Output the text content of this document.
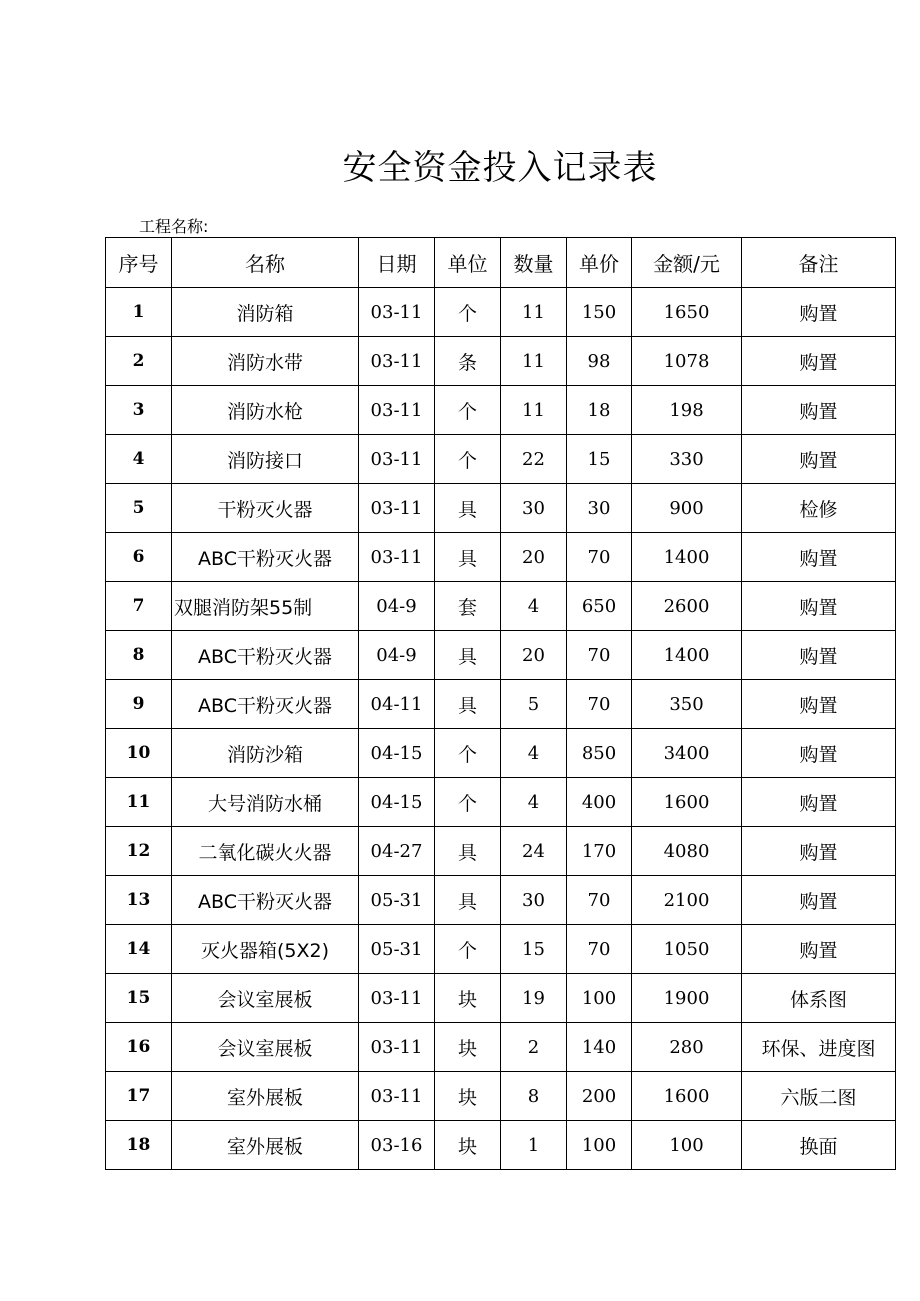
安全资金投入记录表
工程名称:
序号	名称	日期	单位	数量	单价	金额/元	备注
1	消防箱	03-11	个	11	150	1650	购置
2	消防水带	03-11	条	11	98	1078	购置
3	消防水枪	03-11	个	11	18	198	购置
4	消防接口	03-11	个	22	15	330	购置
5	干粉灭火器	03-11	具	30	30	900	检修
6	ABC干粉灭火器	03-11	具	20	70	1400	购置
7	双腿消防架55制	04-9	套	4	650	2600	购置
8	ABC干粉灭火器	04-9	具	20	70	1400	购置
9	ABC干粉灭火器	04-11	具	5	70	350	购置
10	消防沙箱	04-15	个	4	850	3400	购置
11	大号消防水桶	04-15	个	4	400	1600	购置
12	二氧化碳火火器	04-27	具	24	170	4080	购置
13	ABC干粉灭火器	05-31	具	30	70	2100	购置
14	灭火器箱(5X2)	05-31	个	15	70	1050	购置
15	会议室展板	03-11	块	19	100	1900	体系图
16	会议室展板	03-11	块	2	140	280	环保、进度图
17	室外展板	03-11	块	8	200	1600	六版二图
18	室外展板	03-16	块	1	100	100	换面
